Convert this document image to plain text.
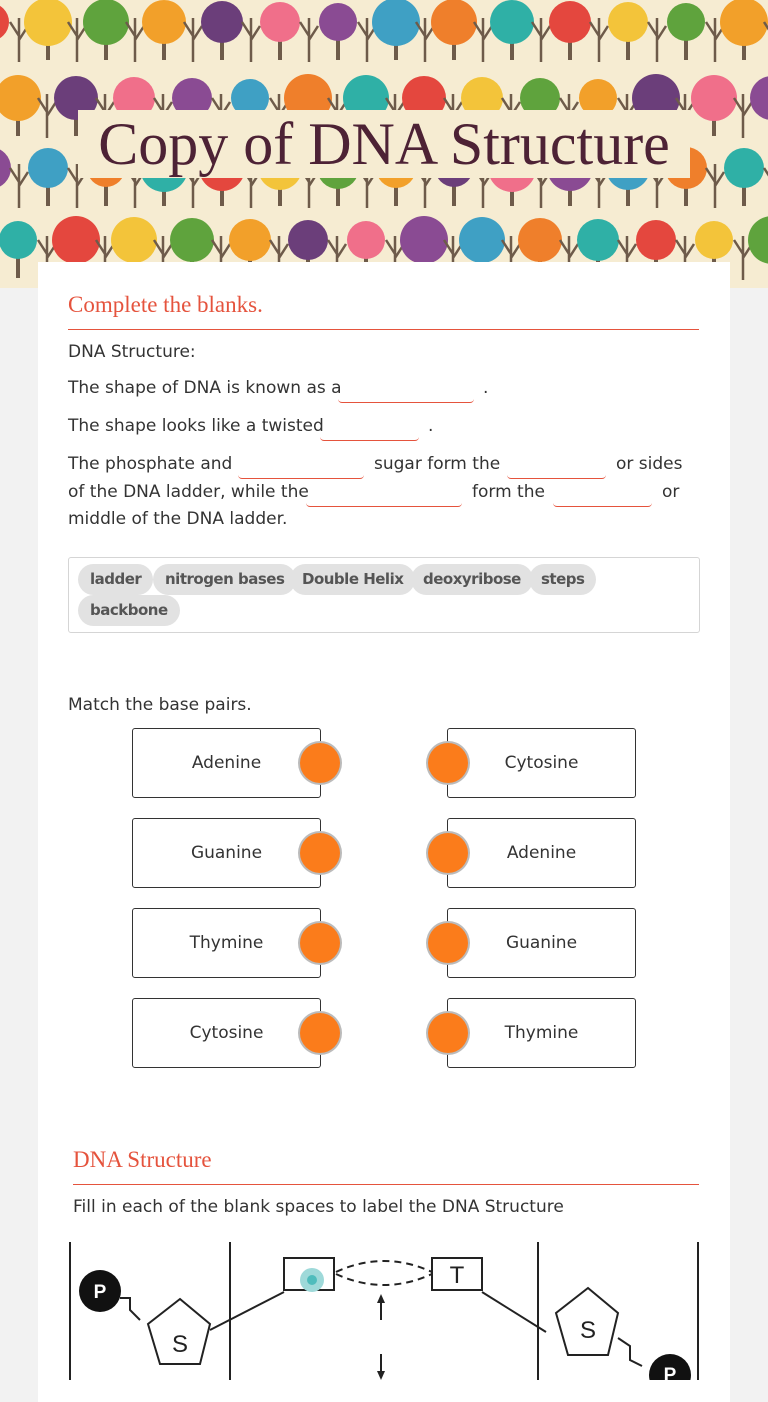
Copy of DNA Structure
Complete the blanks.
DNA Structure:
The shape of DNA is known as a	.
The shape looks like a twisted	.
The phosphate and	sugar form the	or sides
of the DNA ladder, while the	form the	or
middle of the DNA ladder.
ladder	nitrogen bases	Double Helix	deoxyribose	steps
backbone
Match the base pairs.
Adenine
Guanine
Thymine
Cytosine
Cytosine
Adenine
Guanine
Thymine
DNA Structure
Fill in each of the blank spaces to label the DNA Structure
P
S
T
S
P
